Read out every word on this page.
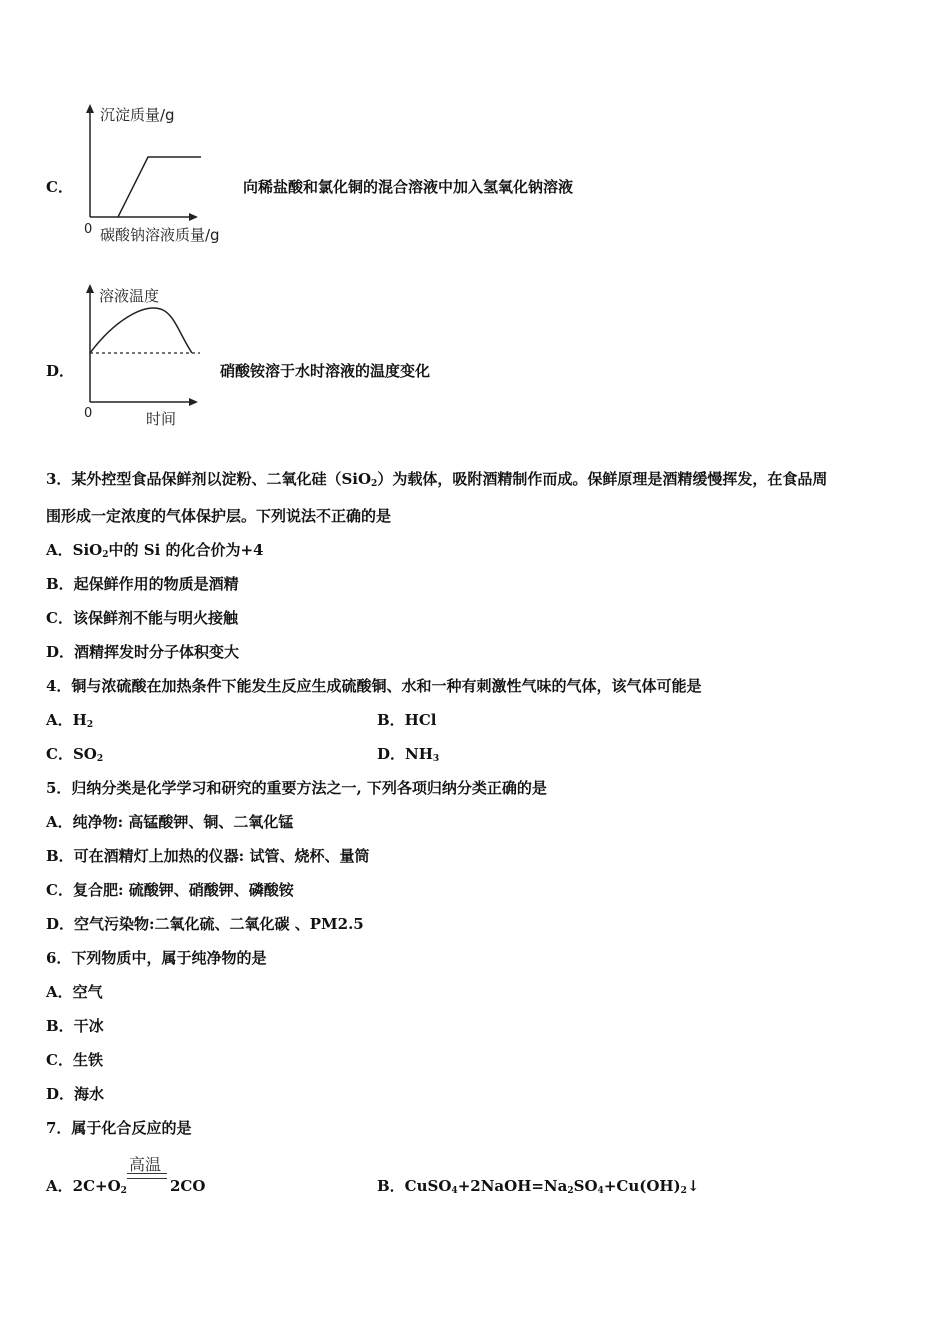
C．
沉淀质量/g
0 碳酸钠溶液质量/g
向稀盐酸和氯化铜的混合溶液中加入氢氧化钠溶液
D．
溶液温度
0	时间
硝酸铵溶于水时溶液的温度变化
3．某外控型食品保鲜剂以淀粉、二氧化硅（SiO$_2$）为载体，吸附酒精制作而成。保鲜原理是酒精缓慢挥发，在食品周
围形成一定浓度的气体保护层。下列说法不正确的是
A．SiO$_2$中的 Si 的化合价为+4
B．起保鲜作用的物质是酒精
C．该保鲜剂不能与明火接触
D．酒精挥发时分子体积变大
4．铜与浓硫酸在加热条件下能发生反应生成硫酸铜、水和一种有刺激性气味的气体，该气体可能是
A．$H_2$	B．HCl
C．$SO_2$	D．$NH_3$
5．归纳分类是化学学习和研究的重要方法之一, 下列各项归纳分类正确的是
A．纯净物: 高锰酸钾、铜、二氧化锰
B．可在酒精灯上加热的仪器: 试管、烧杯、量筒
C．复合肥: 硫酸钾、硝酸钾、磷酸铵
D．空气污染物:二氧化硫、二氧化碳 、PM2.5
6．下列物质中，属于纯净物的是
A．空气
B．干冰
C．生铁
D．海水
7．属于化合反应的是
A．$2C+O_2$
高温
2CO	B．$CuSO_4+2NaOH=Na_2SO_4+Cu(OH)_2↓$
